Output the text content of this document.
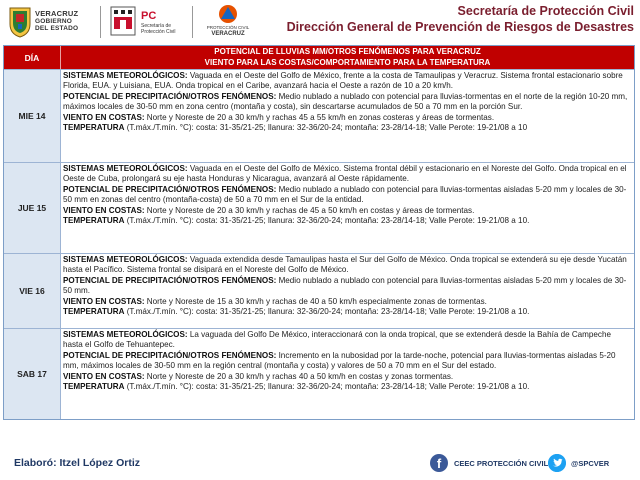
VERACRUZ
GOBIERNO
DEL ESTADO
PC
Secretaría de
Protección Civil
PROTECCIÓN CIVIL
VERACRUZ
Secretaría de Protección Civil
Dirección General de Prevención de Riesgos de Desastres
DÍA
POTENCIAL DE LLUVIAS MM/OTROS FENÓMENOS PARA VERACRUZ
VIENTO PARA LAS COSTAS/COMPORTAMIENTO PARA LA TEMPERATURA
MIE 14
SISTEMAS METEOROLÓGICOS: Vaguada en el Oeste del Golfo de México, frente a la costa de Tamaulipas y Veracruz. Sistema frontal estacionario sobre Florida, EUA. y Luisiana, EUA. Onda tropical en el Caribe, avanzará hacia el Oeste a razón de 10 a 20 km/h.
POTENCIAL DE PRECIPITACIÓN/OTROS FENÓMENOS: Medio nublado a nublado con potencial para lluvias-tormentas en el norte de la región 10-20 mm, máximos locales de 30-50 mm en zona centro (montaña y costa), sin descartarse acumulados de 50 a 70 mm en la porción Sur.
VIENTO EN COSTAS: Norte y Noreste de 20 a 30 km/h y rachas 45 a 55 km/h en zonas costeras y áreas de tormentas.
TEMPERATURA (T.máx./T.mín. °C): costa: 31-35/21-25; llanura: 32-36/20-24; montaña: 23-28/14-18; Valle Perote: 19-21/08 a 10
JUE 15
SISTEMAS METEOROLÓGICOS: Vaguada en el Oeste del Golfo de México. Sistema frontal débil y estacionario en el Noreste del Golfo. Onda tropical en el Oeste de Cuba, prolongará su eje hasta Honduras y Nicaragua, avanzará al Oeste rápidamente.
POTENCIAL DE PRECIPITACIÓN/OTROS FENÓMENOS: Medio nublado a nublado con potencial para lluvias-tormentas aisladas 5-20 mm y locales de 30-50 mm en zonas del centro (montaña-costa) de 50 a 70 mm en el Sur de la entidad.
VIENTO EN COSTAS: Norte y Noreste de 20 a 30 km/h y rachas de 45 a 50 km/h en costas y áreas de tormentas.
TEMPERATURA (T.máx./T.mín. °C): costa: 31-35/21-25; llanura: 32-36/20-24; montaña: 23-28/14-18; Valle Perote: 19-21/08 a 10.
VIE 16
SISTEMAS METEOROLÓGICOS: Vaguada extendida desde Tamaulipas hasta el Sur del Golfo de México. Onda tropical se extenderá su eje desde Yucatán hasta el Pacífico. Sistema frontal se disipará en el Noreste del Golfo de México.
POTENCIAL DE PRECIPITACIÓN/OTROS FENÓMENOS: Medio nublado a nublado con potencial para lluvias-tormentas aisladas 5-20 mm y locales de 30-50 mm.
VIENTO EN COSTAS: Norte y Noreste de 15 a 30 km/h y rachas de 40 a 50 km/h especialmente zonas de tormentas.
TEMPERATURA (T.máx./T.mín. °C): costa: 31-35/21-25; llanura: 32-36/20-24; montaña: 23-28/14-18; Valle Perote: 19-21/08 a 10.
SAB 17
SISTEMAS METEOROLÓGICOS: La vaguada del Golfo De México, interaccionará con la onda tropical, que se extenderá desde la Bahía de Campeche hasta el Golfo de Tehuantepec.
POTENCIAL DE PRECIPITACIÓN/OTROS FENÓMENOS: Incremento en la nubosidad por la tarde-noche, potencial para lluvias-tormentas aisladas 5-20 mm, máximos locales de 30-50 mm en la región central (montaña y costa) y valores de 50 a 70 mm en el Sur del estado.
VIENTO EN COSTAS: Norte y Noreste de 20 a 30 km/h y rachas 40 a 50 km/h en costas y zonas tormentas.
TEMPERATURA (T.máx./T.mín. °C): costa: 31-35/21-25; llanura: 32-36/20-24; montaña: 23-28/14-18; Valle Perote: 19-21/08 a 10.
Elaboró: Itzel López Ortiz	f	CEEC PROTECCIÓN CIVIL	@SPCVER
